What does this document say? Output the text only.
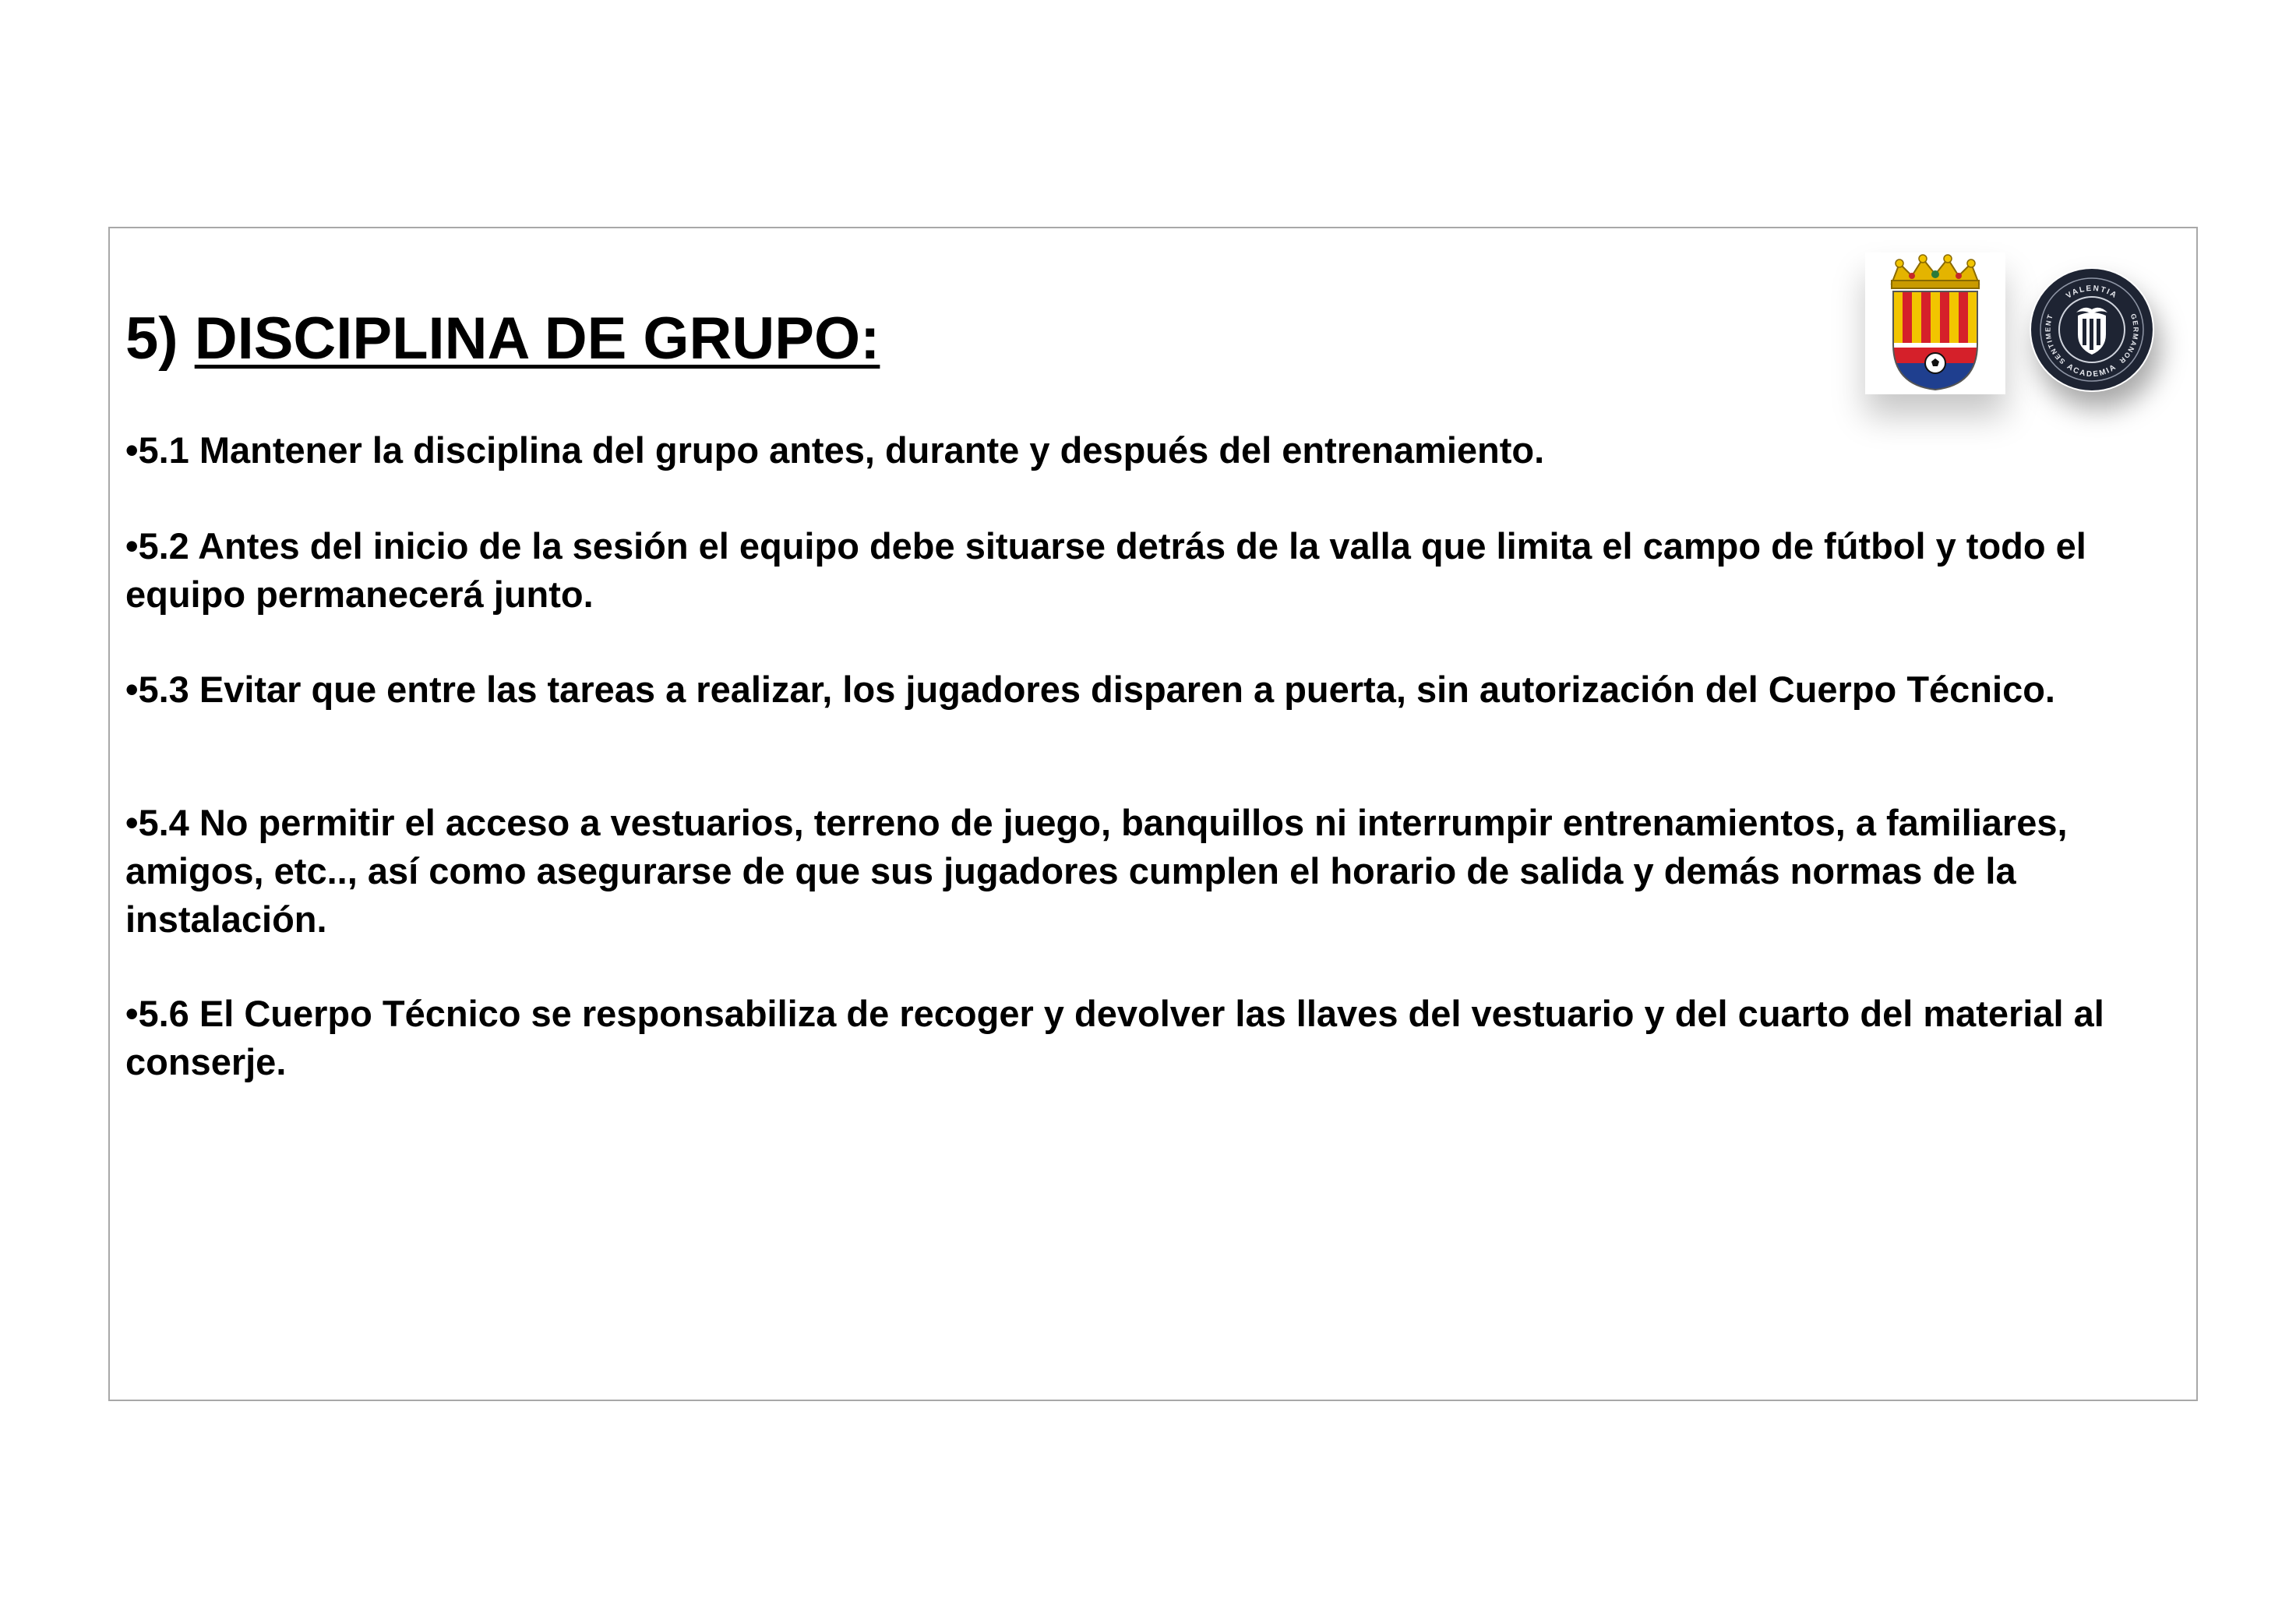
5) DISCIPLINA DE GRUPO:

•5.1 Mantener la disciplina del grupo antes, durante y después del entrenamiento.

•5.2 Antes del inicio de la sesión el equipo debe situarse detrás de la valla que limita el campo de fútbol y todo el equipo permanecerá junto.

•5.3 Evitar que entre las tareas a realizar, los jugadores disparen a puerta, sin autorización del Cuerpo Técnico.

•5.4 No permitir el acceso a vestuarios, terreno de juego, banquillos ni interrumpir entrenamientos, a familiares, amigos, etc.., así como asegurarse de que sus jugadores cumplen el horario de salida y demás normas de la instalación.

•5.6 El Cuerpo Técnico se responsabiliza de recoger y devolver las llaves del vestuario y del cuarto del material al conserje.

VALENTIA
SENTIMENT	GERMANOR
ACADEMIA
